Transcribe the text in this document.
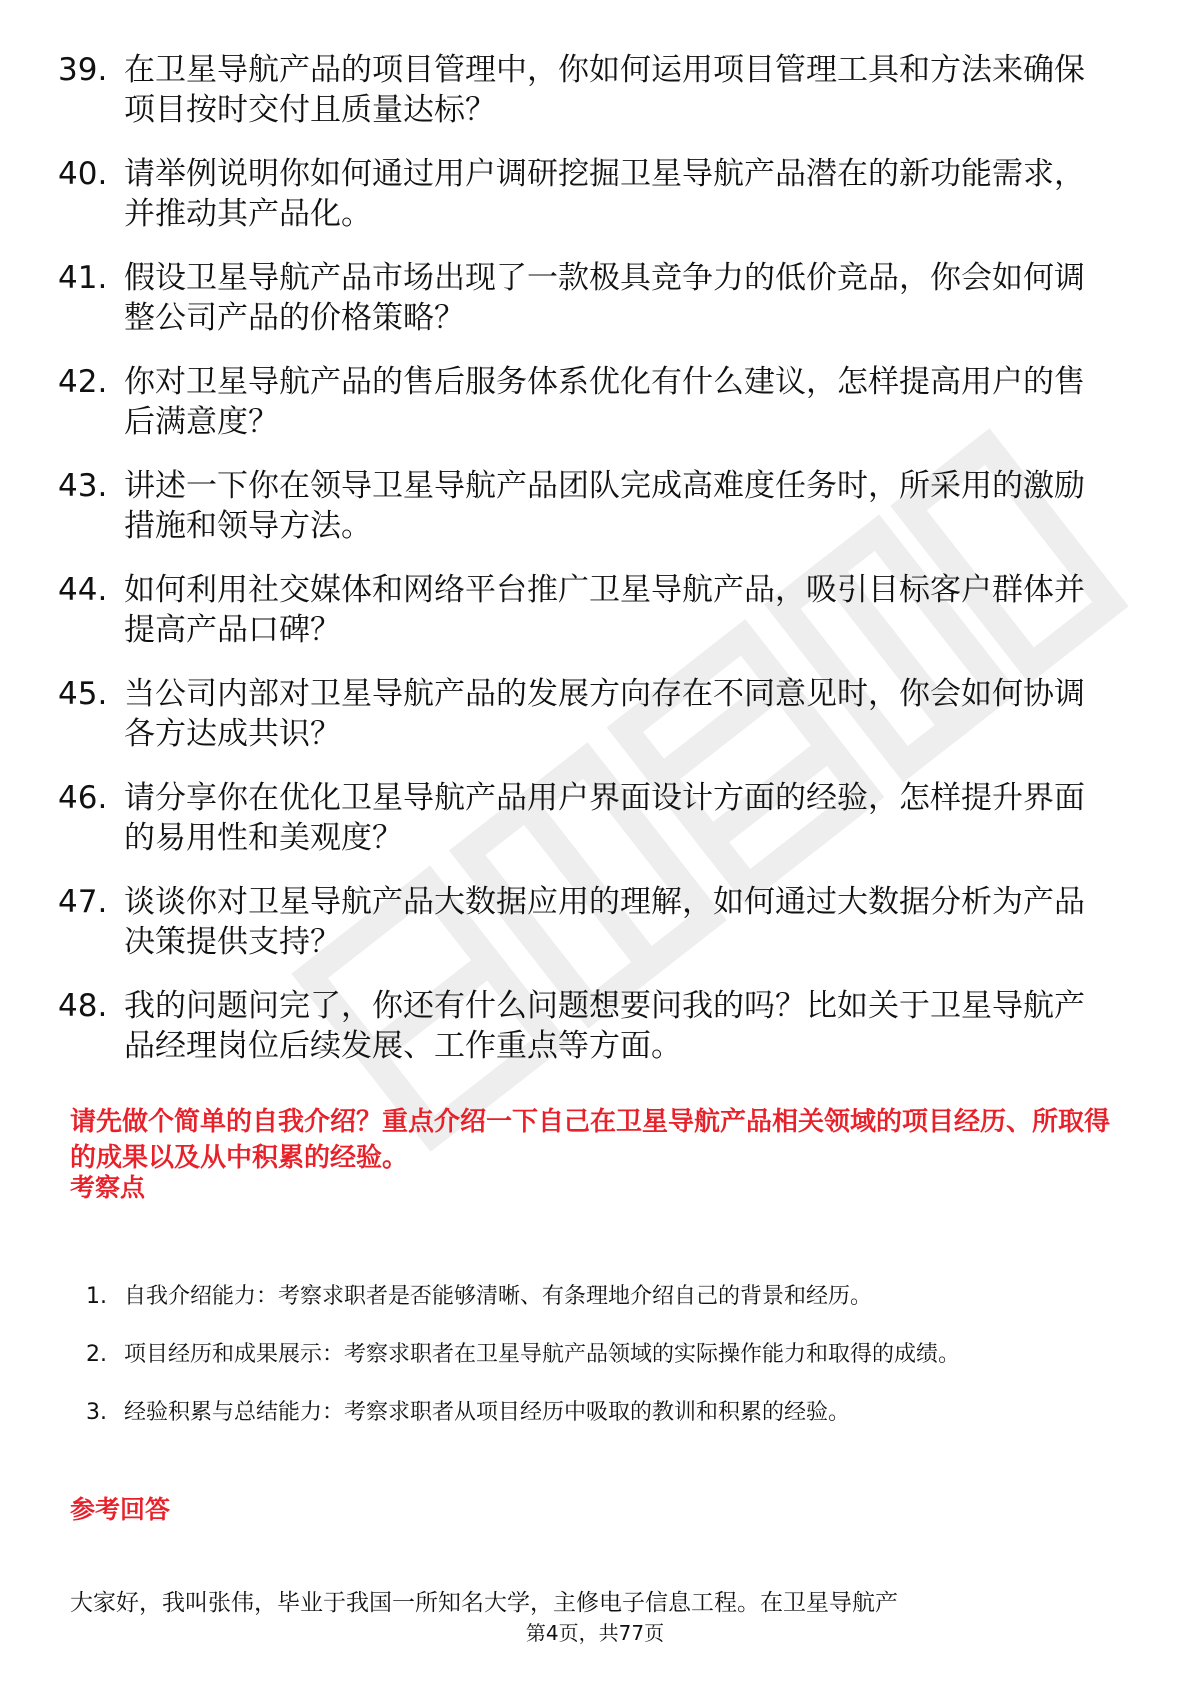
39. 在卫星导航产品的项目管理中，你如何运用项目管理工具和方法来确保项目按时交付且质量达标？
40. 请举例说明你如何通过用户调研挖掘卫星导航产品潜在的新功能需求，并推动其产品化。
41. 假设卫星导航产品市场出现了一款极具竞争力的低价竞品，你会如何调整公司产品的价格策略？
42. 你对卫星导航产品的售后服务体系优化有什么建议，怎样提高用户的售后满意度？
43. 讲述一下你在领导卫星导航产品团队完成高难度任务时，所采用的激励措施和领导方法。
44. 如何利用社交媒体和网络平台推广卫星导航产品，吸引目标客户群体并提高产品口碑？
45. 当公司内部对卫星导航产品的发展方向存在不同意见时，你会如何协调各方达成共识？
46. 请分享你在优化卫星导航产品用户界面设计方面的经验，怎样提升界面的易用性和美观度？
47. 谈谈你对卫星导航产品大数据应用的理解，如何通过大数据分析为产品决策提供支持？
48. 我的问题问完了，你还有什么问题想要问我的吗？比如关于卫星导航产品经理岗位后续发展、工作重点等方面。
请先做个简单的自我介绍？重点介绍一下自己在卫星导航产品相关领域的项目经历、所取得的成果以及从中积累的经验。
考察点
1. 自我介绍能力：考察求职者是否能够清晰、有条理地介绍自己的背景和经历。
2. 项目经历和成果展示：考察求职者在卫星导航产品领域的实际操作能力和取得的成绩。
3. 经验积累与总结能力：考察求职者从项目经历中吸取的教训和积累的经验。
参考回答
大家好，我叫张伟，毕业于我国一所知名大学，主修电子信息工程。在卫星导航产
第4页，共77页
